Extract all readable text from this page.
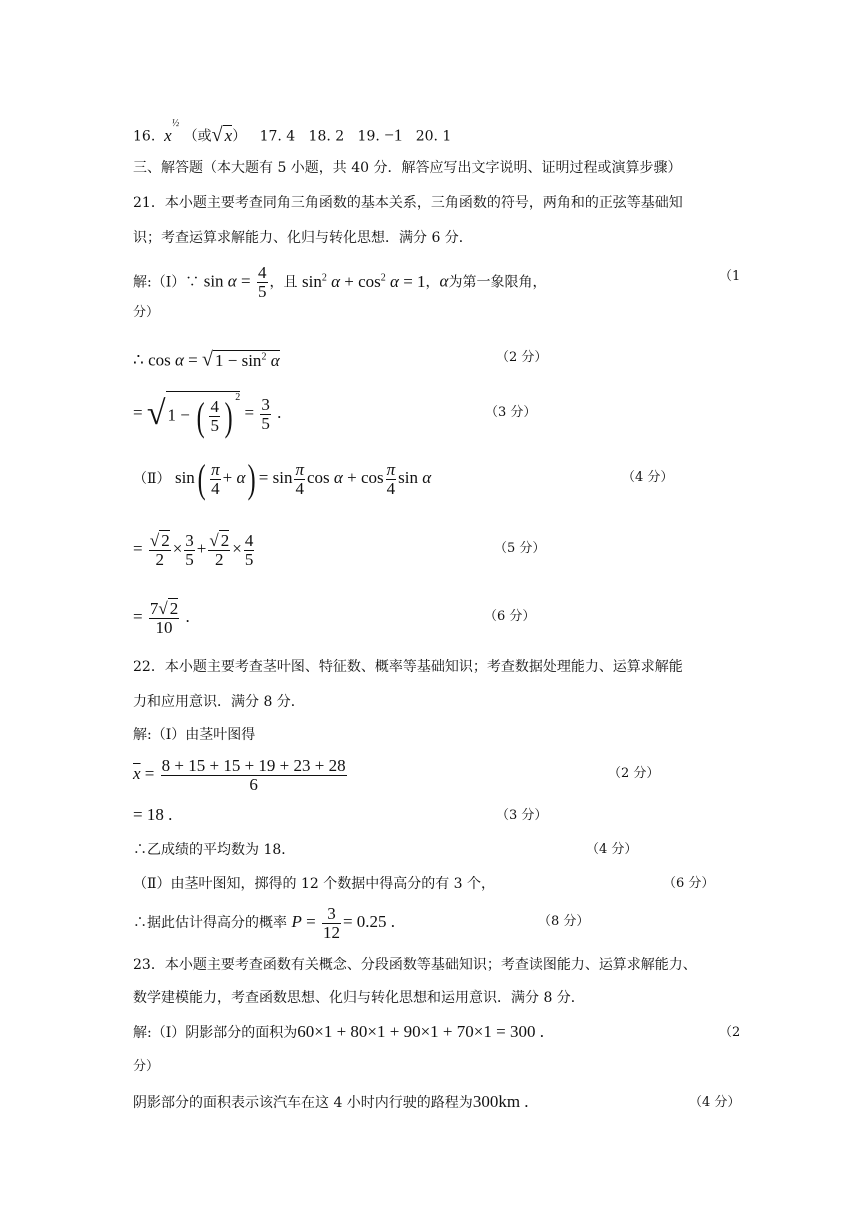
16. $x^{\frac{1}{2}}$ （或√ x） 17. 4 18. 2 19. −1 20. 1
三、解答题（本大题有 5 小题，共 40 分．解答应写出文字说明、证明过程或演算步骤）
21．本小题主要考查同角三角函数的基本关系，三角函数的符号，两角和的正弦等基础知
识；考查运算求解能力、化归与转化思想．满分 6 分．
解:（Ⅰ）∵ $\sin \alpha = \frac{4}{5}$ ，且 $\sin^2 \alpha + \cos^2 \alpha = 1$，α为第一象限角，	（1
分）
∴ cos α = √ $1 - \sin^2 \alpha$	（2 分）
= √ 1 − ( $\frac{4}{5}$ ) $^2 = \frac{3}{5}$ .	（3 分）
（Ⅱ） $\sin( \frac{\pi}{4} + \alpha) = \sin \frac{\pi}{4}$ $\cos \alpha + \cos \frac{\pi}{4}$ sin α	（4 分）
= $\frac{√ 2}{2} \times \frac{3}{5} + \frac{√ 2}{2} \times \frac{4}{5}$	（5 分）
= $\frac{7√ 2}{10}$ .	（6 分）
22．本小题主要考查茎叶图、特征数、概率等基础知识；考查数据处理能力、运算求解能
力和应用意识．满分 8 分．
解:（Ⅰ）由茎叶图得
$\overline{x} = \frac{8 + 15 + 15 + 19 + 23 + 28}{6}$	（2 分）
= 18 .	（3 分）
∴乙成绩的平均数为 18．	（4 分）
（Ⅱ）由茎叶图知，掷得的 12 个数据中得高分的有 3 个，	（6 分）
∴据此估计得高分的概率 $P = \frac{3}{12} = 0.25$ .	（8 分）
23．本小题主要考查函数有关概念、分段函数等基础知识；考查读图能力、运算求解能力、
数学建模能力，考查函数思想、化归与转化思想和运用意识．满分 8 分．
解:（Ⅰ）阴影部分的面积为60×1 + 80×1 + 90×1 + 70×1 = 300 .	（2
分）
阴影部分的面积表示该汽车在这 4 小时内行驶的路程为300km .	（4 分）
